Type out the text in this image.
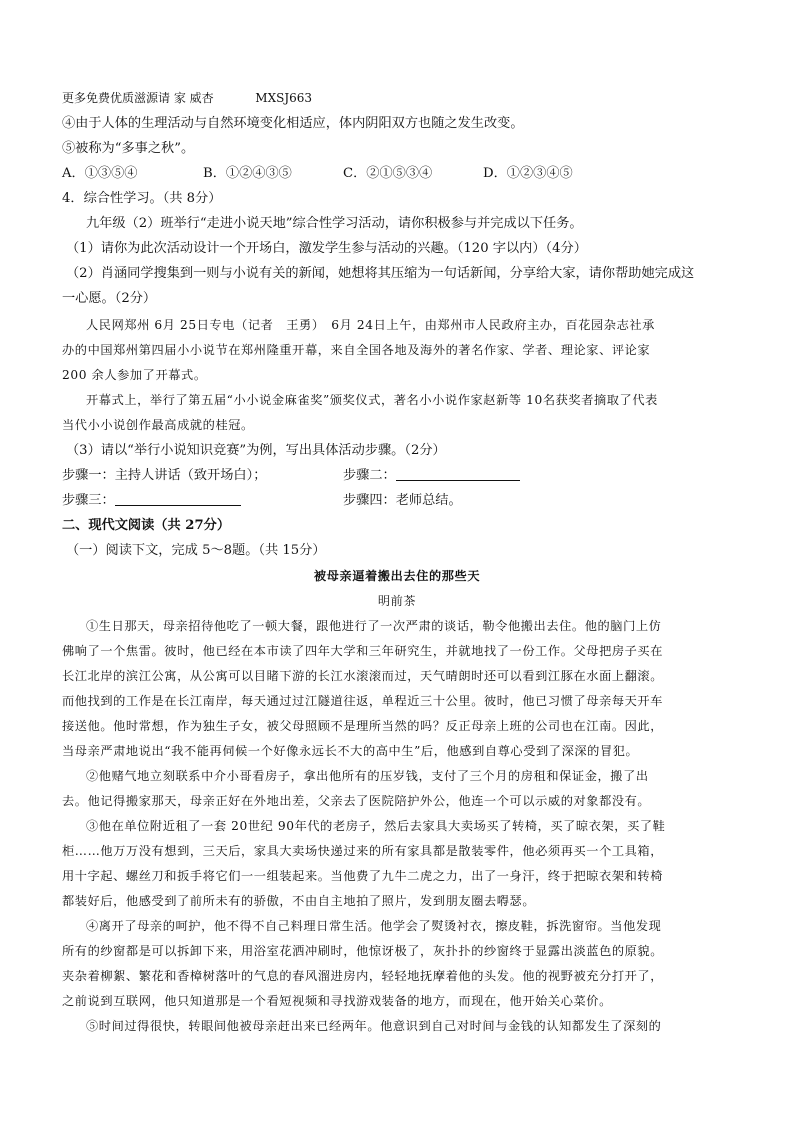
更多免费优质滋源请 家 威杏	MXSJ663
④由于人体的生理活动与自然环境变化相适应，体内阴阳双方也随之发生改变。
⑤被称为“多事之秋”。
A．①③⑤④	B．①②④③⑤	C．②①⑤③④	D．①②③④⑤
4．综合性学习。（共 8分）
九年级（2）班举行“走进小说天地”综合性学习活动，请你积极参与并完成以下任务。
（1）请你为此次活动设计一个开场白，激发学生参与活动的兴趣。（120 字以内）（4分）
（2）肖涵同学搜集到一则与小说有关的新闻，她想将其压缩为一句话新闻，分享给大家，请你帮助她完成这
一心愿。（2分）
人民网郑州 6月 25日专电（记者　王勇）　6月 24日上午，由郑州市人民政府主办，百花园杂志社承
办的中国郑州第四届小小说节在郑州隆重开幕，来自全国各地及海外的著名作家、学者、理论家、评论家
200 余人参加了开幕式。
开幕式上，举行了第五届“小小说金麻雀奖”颁奖仪式，著名小小说作家赵新等 10名获奖者摘取了代表
当代小小说创作最高成就的桂冠。
（3）请以“举行小说知识竞赛”为例，写出具体活动步骤。（2分）
步骤一：主持人讲话（致开场白）；	步骤二：
步骤三：	步骤四：老师总结。
二、现代文阅读（共 27分）
（一）阅读下文，完成 5～8题。（共 15分）
被母亲逼着搬出去住的那些天
明前茶
①生日那天，母亲招待他吃了一顿大餐，跟他进行了一次严肃的谈话，勒令他搬出去住。他的脑门上仿
佛响了一个焦雷。彼时，他已经在本市读了四年大学和三年研究生，并就地找了一份工作。父母把房子买在
长江北岸的滨江公寓，从公寓可以目睹下游的长江水滚滚而过，天气晴朗时还可以看到江豚在水面上翻滚。
而他找到的工作是在长江南岸，每天通过过江隧道往返，单程近三十公里。彼时，他已习惯了母亲每天开车
接送他。他时常想，作为独生子女，被父母照顾不是理所当然的吗？反正母亲上班的公司也在江南。因此，
当母亲严肃地说出“我不能再伺候一个好像永远长不大的高中生”后，他感到自尊心受到了深深的冒犯。
②他赌气地立刻联系中介小哥看房子，拿出他所有的压岁钱，支付了三个月的房租和保证金，搬了出
去。他记得搬家那天，母亲正好在外地出差，父亲去了医院陪护外公，他连一个可以示威的对象都没有。
③他在单位附近租了一套 20世纪 90年代的老房子，然后去家具大卖场买了转椅，买了晾衣架，买了鞋
柜……他万万没有想到，三天后，家具大卖场快递过来的所有家具都是散装零件，他必须再买一个工具箱，
用十字起、螺丝刀和扳手将它们一一组装起来。当他费了九牛二虎之力，出了一身汗，终于把晾衣架和转椅
都装好后，他感受到了前所未有的骄傲，不由自主地拍了照片，发到朋友圈去嘚瑟。
④离开了母亲的呵护，他不得不自己料理日常生活。他学会了熨烫衬衣，擦皮鞋，拆洗窗帘。当他发现
所有的纱窗都是可以拆卸下来，用浴室花洒冲刷时，他惊讶极了，灰扑扑的纱窗终于显露出淡蓝色的原貌。
夹杂着柳絮、繁花和香樟树落叶的气息的春风溜进房内，轻轻地抚摩着他的头发。他的视野被充分打开了，
之前说到互联网，他只知道那是一个看短视频和寻找游戏装备的地方，而现在，他开始关心菜价。
⑤时间过得很快，转眼间他被母亲赶出来已经两年。他意识到自己对时间与金钱的认知都发生了深刻的
